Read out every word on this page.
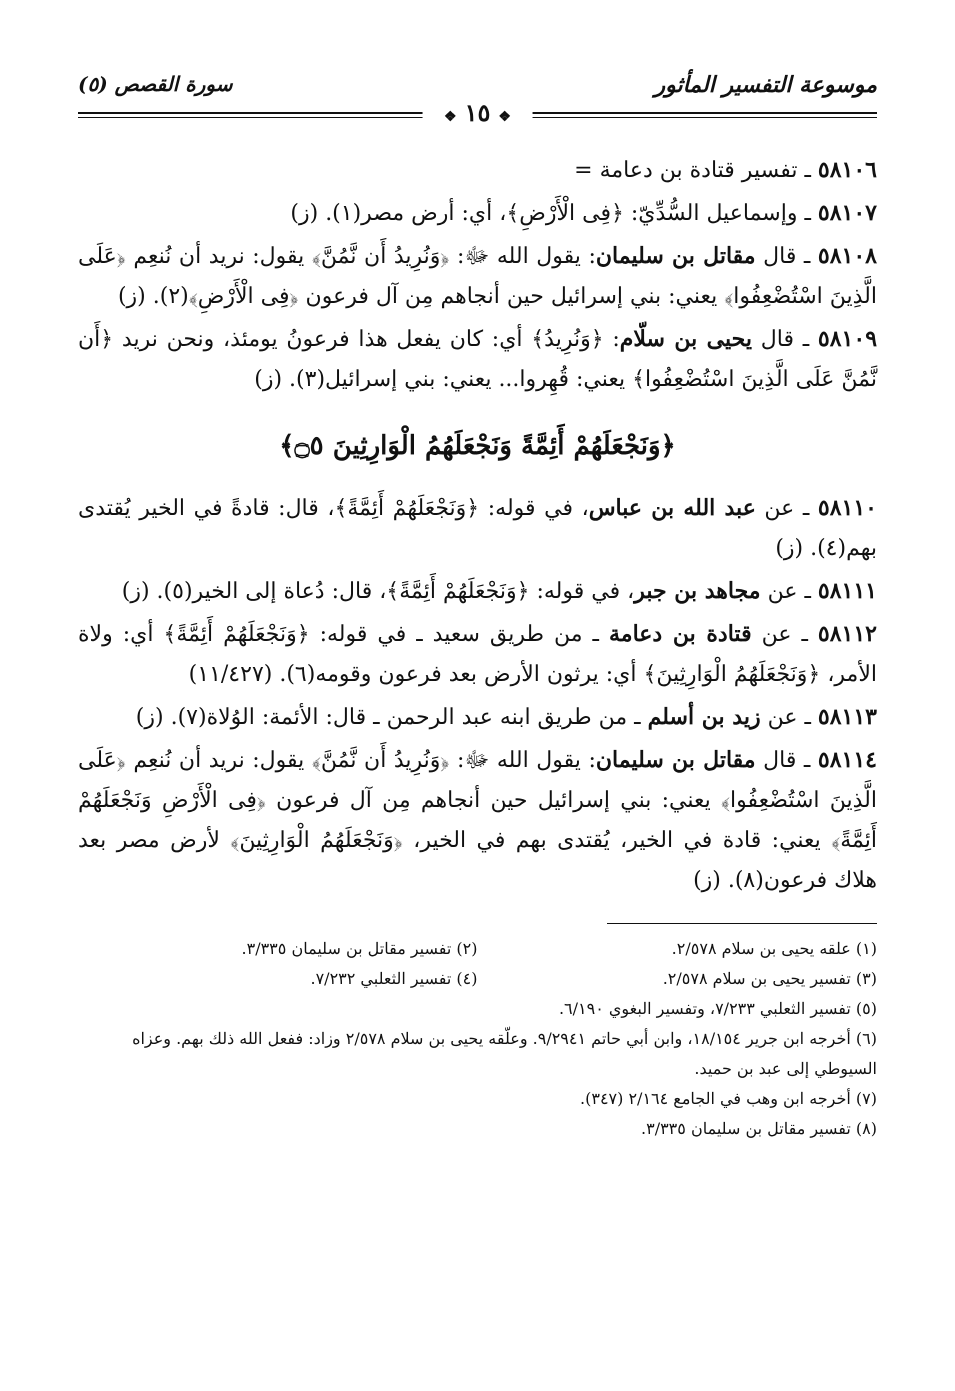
موسوعة التفسير المأثور
سورة القصص (٥)
❖ ١٥ ❖

٥٨١٠٦ ـ تفسير قتادة بن دعامة =

٥٨١٠٧ ـ وإسماعيل السُّدِّيّ: ﴿فِى الْأَرْضِ﴾، أي: أرض مصر(١). (ز)

٥٨١٠٨ ـ قال مقاتل بن سليمان: يقول الله ﷻ: ﴿وَنُرِيدُ أَن نَّمُنَّ﴾ يقول: نريد أن نُنعِم ﴿عَلَى الَّذِينَ اسْتُضْعِفُوا﴾ يعني: بني إسرائيل حين أنجاهم مِن آل فرعون ﴿فِى الْأَرْضِ﴾(٢). (ز)

٥٨١٠٩ ـ قال يحيى بن سلّام: ﴿وَنُرِيدُ﴾ أي: كان يفعل هذا فرعونُ يومئذ، ونحن نريد ﴿أَن نَّمُنَّ عَلَى الَّذِينَ اسْتُضْعِفُوا﴾ يعني: قُهِروا... يعني: بني إسرائيل(٣). (ز)

﴿وَنَجْعَلَهُمْ أَئِمَّةً وَنَجْعَلَهُمُ الْوَارِثِينَ ۝٥﴾

٥٨١١٠ ـ عن عبد الله بن عباس، في قوله: ﴿وَنَجْعَلَهُمْ أَئِمَّةً﴾، قال: قادةً في الخير يُقتدى بهم(٤). (ز)

٥٨١١١ ـ عن مجاهد بن جبر، في قوله: ﴿وَنَجْعَلَهُمْ أَئِمَّةً﴾، قال: دُعاة إلى الخير(٥). (ز)

٥٨١١٢ ـ عن قتادة بن دعامة ـ من طريق سعيد ـ في قوله: ﴿وَنَجْعَلَهُمْ أَئِمَّةً﴾ أي: ولاة الأمر، ﴿وَنَجْعَلَهُمُ الْوَارِثِينَ﴾ أي: يرثون الأرض بعد فرعون وقومه(٦). (١١/٤٢٧)

٥٨١١٣ ـ عن زيد بن أسلم ـ من طريق ابنه عبد الرحمن ـ قال: الأئمة: الوُلاة(٧). (ز)

٥٨١١٤ ـ قال مقاتل بن سليمان: يقول الله ﷻ: ﴿وَنُرِيدُ أَن نَّمُنَّ﴾ يقول: نريد أن نُنعِم ﴿عَلَى الَّذِينَ اسْتُضْعِفُوا﴾ يعني: بني إسرائيل حين أنجاهم مِن آل فرعون ﴿فِى الْأَرْضِ وَنَجْعَلَهُمْ أَئِمَّةً﴾ يعني: قادة في الخير، يُقتدى بهم في الخير، ﴿وَنَجْعَلَهُمُ الْوَارِثِينَ﴾ لأرض مصر بعد هلاك فرعون(٨). (ز)

(١) علقه يحيى بن سلام ٢/٥٧٨.
(٢) تفسير مقاتل بن سليمان ٣/٣٣٥.
(٣) تفسير يحيى بن سلام ٢/٥٧٨.
(٤) تفسير الثعلبي ٧/٢٣٢.
(٥) تفسير الثعلبي ٧/٢٣٣، وتفسير البغوي ٦/١٩٠.
(٦) أخرجه ابن جرير ١٨/١٥٤، وابن أبي حاتم ٩/٢٩٤١. وعلّقه يحيى بن سلام ٢/٥٧٨ وزاد: ففعل الله ذلك بهم. وعزاه السيوطي إلى عبد بن حميد.
(٧) أخرجه ابن وهب في الجامع ٢/١٦٤ (٣٤٧).
(٨) تفسير مقاتل بن سليمان ٣/٣٣٥.
